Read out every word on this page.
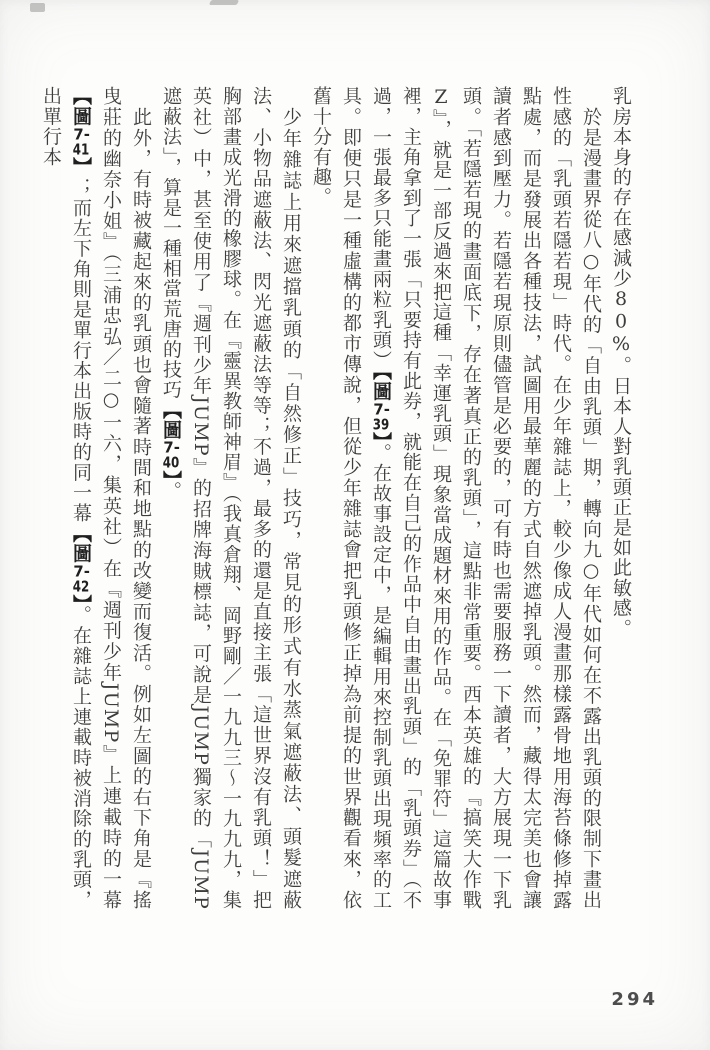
乳房本身的存在感減少80%。日本人對乳頭正是如此敏感。

於是漫畫界從八○年代的「自由乳頭」期，轉向九○年代如何在不露出乳頭的限制下畫出性感的「乳頭若隱若現」時代。在少年雜誌上，較少像成人漫畫那樣露骨地用海苔條修掉露點處，而是發展出各種技法，試圖用最華麗的方式自然遮掉乳頭。然而，藏得太完美也會讓讀者感到壓力。若隱若現原則儘管是必要的，可有時也需要服務一下讀者，大方展現一下乳頭。「若隱若現的畫面底下，存在著真正的乳頭」，這點非常重要。西本英雄的『搞笑大作戰Z』，就是一部反過來把這種「幸運乳頭」現象當成題材來用的作品。在「免罪符」這篇故事裡，主角拿到了一張「只要持有此券，就能在自己的作品中自由畫出乳頭」的「乳頭券」（不過，一張最多只能畫兩粒乳頭）【圖7-39】。在故事設定中，是編輯用來控制乳頭出現頻率的工具。即便只是一種虛構的都市傳說，但從少年雜誌會把乳頭修正掉為前提的世界觀看來，依舊十分有趣。

少年雜誌上用來遮擋乳頭的「自然修正」技巧，常見的形式有水蒸氣遮蔽法、頭髮遮蔽法、小物品遮蔽法、閃光遮蔽法等等；不過，最多的還是直接主張「這世界沒有乳頭！」把胸部畫成光滑的橡膠球。在『靈異教師神眉』（我真倉翔、岡野剛／一九九三～一九九九，集英社）中，甚至使用了『週刊少年JUMP』的招牌海賊標誌，可說是JUMP獨家的「JUMP遮蔽法」，算是一種相當荒唐的技巧【圖7-40】。

此外，有時被藏起來的乳頭也會隨著時間和地點的改變而復活。例如左圖的右下角是『搖曳莊的幽奈小姐』（三浦忠弘／二○一六，集英社）在『週刊少年JUMP』上連載時的一幕【圖7-41】；而左下角則是單行本出版時的同一幕【圖7-42】。在雜誌上連載時被消除的乳頭，出單行本

294
